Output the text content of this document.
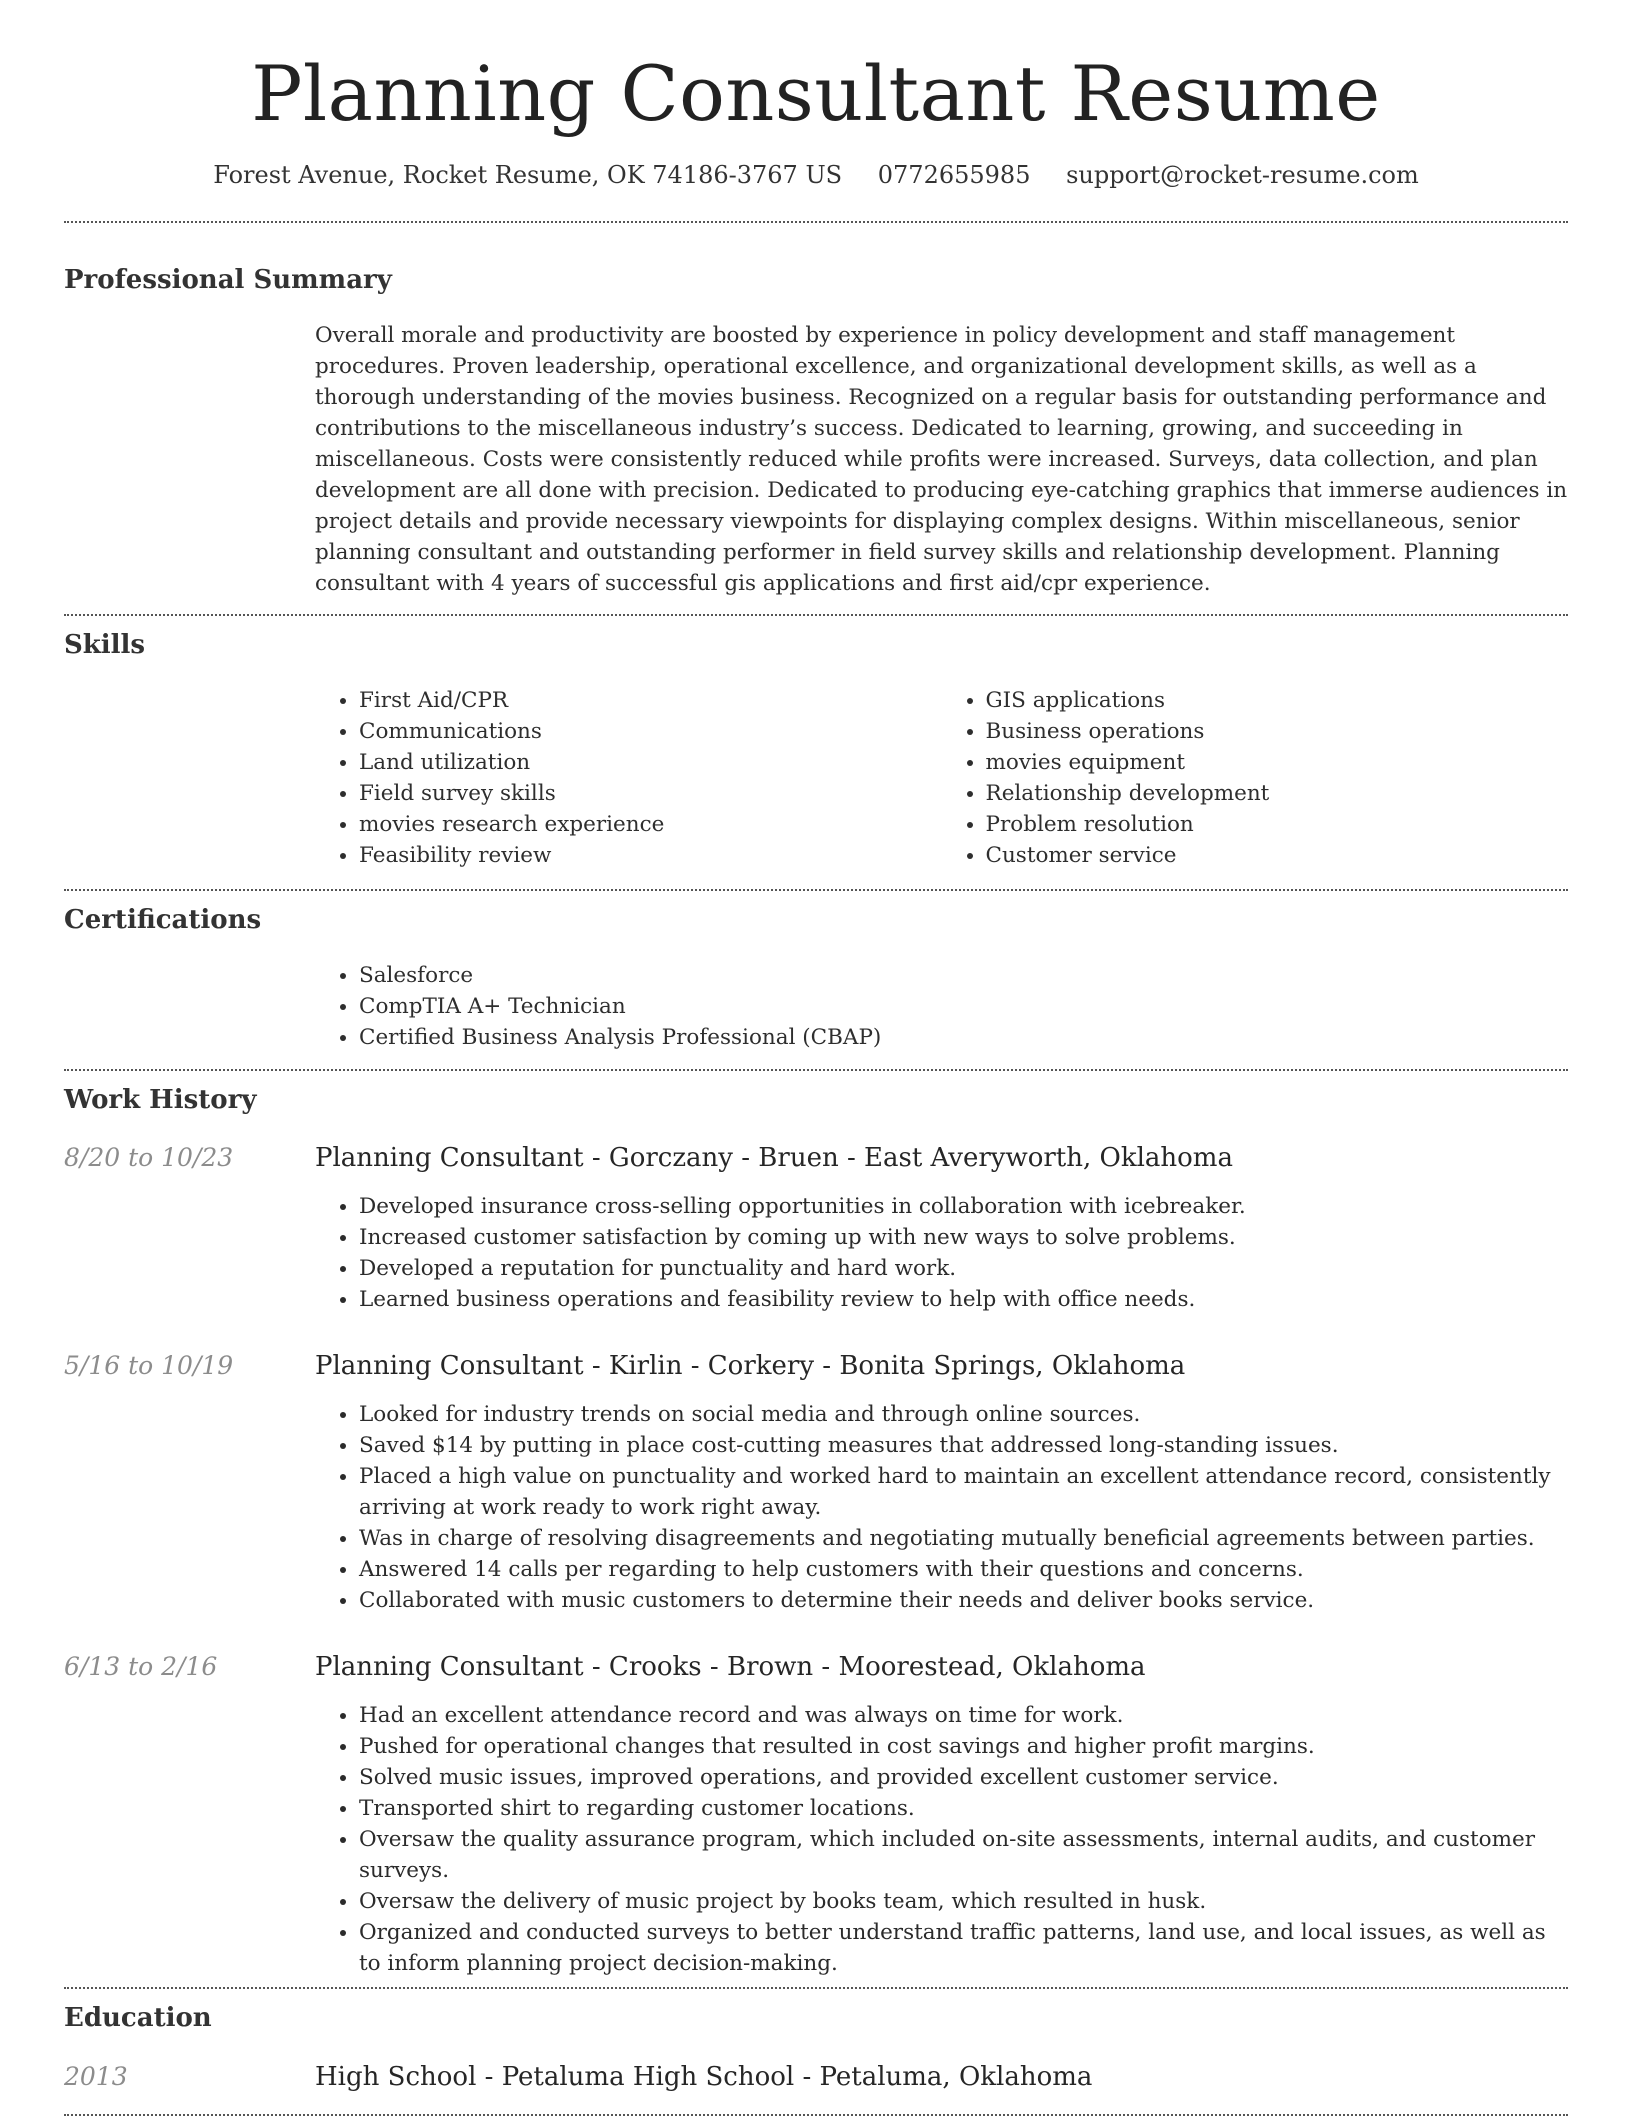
Planning Consultant Resume
Forest Avenue, Rocket Resume, OK 74186-3767 US 0772655985 support@rocket-resume.com
Professional Summary
Overall morale and productivity are boosted by experience in policy development and staff management procedures. Proven leadership, operational excellence, and organizational development skills, as well as a thorough understanding of the movies business. Recognized on a regular basis for outstanding performance and contributions to the miscellaneous industry’s success. Dedicated to learning, growing, and succeeding in miscellaneous. Costs were consistently reduced while profits were increased. Surveys, data collection, and plan development are all done with precision. Dedicated to producing eye-catching graphics that immerse audiences in project details and provide necessary viewpoints for displaying complex designs. Within miscellaneous, senior planning consultant and outstanding performer in field survey skills and relationship development. Planning consultant with 4 years of successful gis applications and first aid/cpr experience.
Skills
• First Aid/CPR
• Communications
• Land utilization
• Field survey skills
• movies research experience
• Feasibility review
• GIS applications
• Business operations
• movies equipment
• Relationship development
• Problem resolution
• Customer service
Certifications
• Salesforce
• CompTIA A+ Technician
• Certified Business Analysis Professional (CBAP)
Work History
8/20 to 10/23	Planning Consultant - Gorczany - Bruen - East Averyworth, Oklahoma
• Developed insurance cross-selling opportunities in collaboration with icebreaker.
• Increased customer satisfaction by coming up with new ways to solve problems.
• Developed a reputation for punctuality and hard work.
• Learned business operations and feasibility review to help with office needs.
5/16 to 10/19	Planning Consultant - Kirlin - Corkery - Bonita Springs, Oklahoma
• Looked for industry trends on social media and through online sources.
• Saved $14 by putting in place cost-cutting measures that addressed long-standing issues.
• Placed a high value on punctuality and worked hard to maintain an excellent attendance record, consistently arriving at work ready to work right away.
• Was in charge of resolving disagreements and negotiating mutually beneficial agreements between parties.
• Answered 14 calls per regarding to help customers with their questions and concerns.
• Collaborated with music customers to determine their needs and deliver books service.
6/13 to 2/16	Planning Consultant - Crooks - Brown - Moorestead, Oklahoma
• Had an excellent attendance record and was always on time for work.
• Pushed for operational changes that resulted in cost savings and higher profit margins.
• Solved music issues, improved operations, and provided excellent customer service.
• Transported shirt to regarding customer locations.
• Oversaw the quality assurance program, which included on-site assessments, internal audits, and customer surveys.
• Oversaw the delivery of music project by books team, which resulted in husk.
• Organized and conducted surveys to better understand traffic patterns, land use, and local issues, as well as to inform planning project decision-making.
Education
2013	High School - Petaluma High School - Petaluma, Oklahoma
